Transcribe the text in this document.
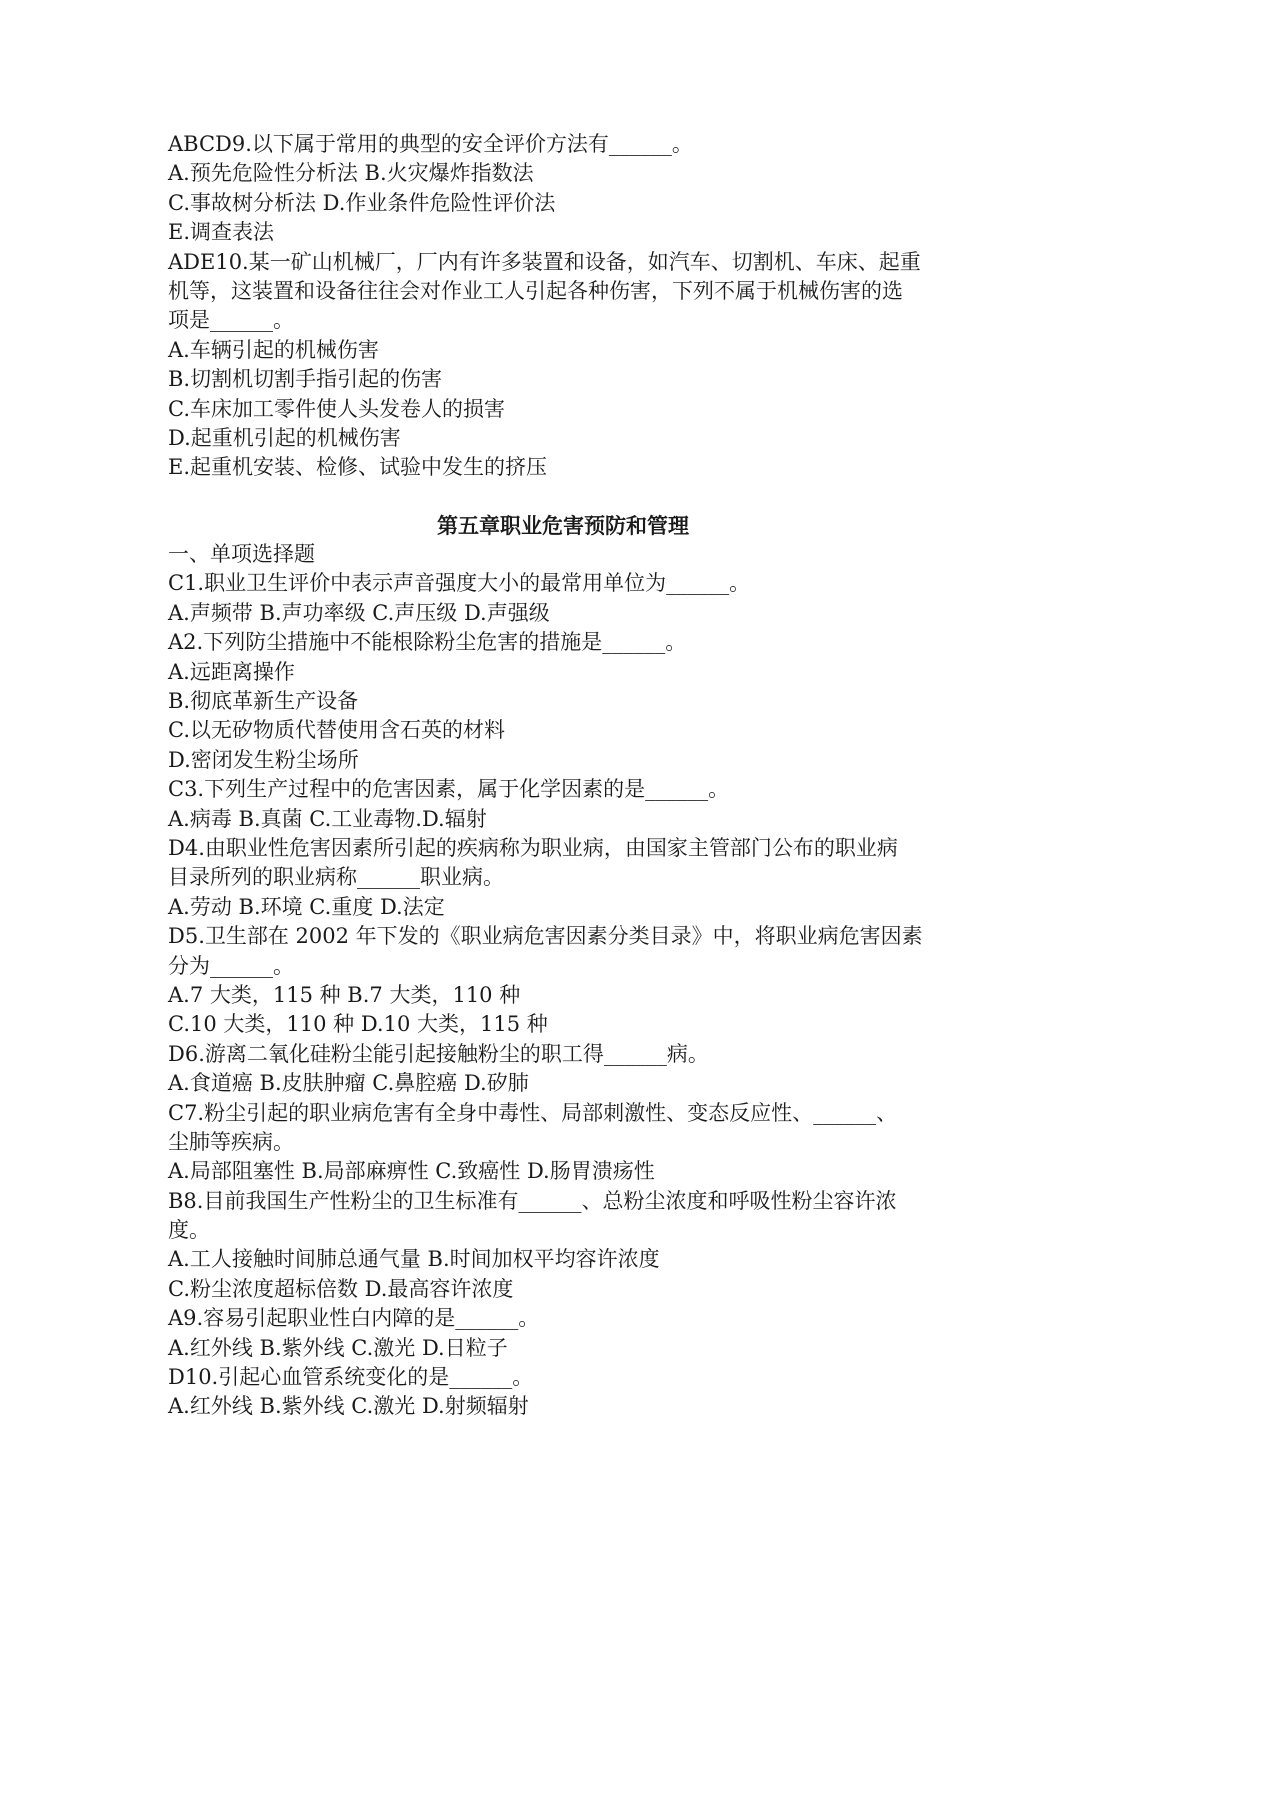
ABCD9.以下属于常用的典型的安全评价方法有______。
A.预先危险性分析法 B.火灾爆炸指数法
C.事故树分析法 D.作业条件危险性评价法
E.调查表法
ADE10.某一矿山机械厂，厂内有许多装置和设备，如汽车、切割机、车床、起重
机等，这装置和设备往往会对作业工人引起各种伤害，下列不属于机械伤害的选
项是______。
A.车辆引起的机械伤害
B.切割机切割手指引起的伤害
C.车床加工零件使人头发卷人的损害
D.起重机引起的机械伤害
E.起重机安装、检修、试验中发生的挤压
第五章职业危害预防和管理
一、单项选择题
C1.职业卫生评价中表示声音强度大小的最常用单位为______。
A.声频带 B.声功率级 C.声压级 D.声强级
A2.下列防尘措施中不能根除粉尘危害的措施是______。
A.远距离操作
B.彻底革新生产设备
C.以无矽物质代替使用含石英的材料
D.密闭发生粉尘场所
C3.下列生产过程中的危害因素，属于化学因素的是______。
A.病毒 B.真菌 C.工业毒物.D.辐射
D4.由职业性危害因素所引起的疾病称为职业病，由国家主管部门公布的职业病
目录所列的职业病称______职业病。
A.劳动 B.环境 C.重度 D.法定
D5.卫生部在 2002 年下发的《职业病危害因素分类目录》中，将职业病危害因素
分为______。
A.7 大类，115 种 B.7 大类，110 种
C.10 大类，110 种 D.10 大类，115 种
D6.游离二氧化硅粉尘能引起接触粉尘的职工得______病。
A.食道癌 B.皮肤肿瘤 C.鼻腔癌 D.矽肺
C7.粉尘引起的职业病危害有全身中毒性、局部刺激性、变态反应性、______、
尘肺等疾病。
A.局部阻塞性 B.局部麻痹性 C.致癌性 D.肠胃溃疡性
B8.目前我国生产性粉尘的卫生标准有______、总粉尘浓度和呼吸性粉尘容许浓
度。
A.工人接触时间肺总通气量 B.时间加权平均容许浓度
C.粉尘浓度超标倍数 D.最高容许浓度
A9.容易引起职业性白内障的是______。
A.红外线 B.紫外线 C.激光 D.日粒子
D10.引起心血管系统变化的是______。
A.红外线 B.紫外线 C.激光 D.射频辐射
